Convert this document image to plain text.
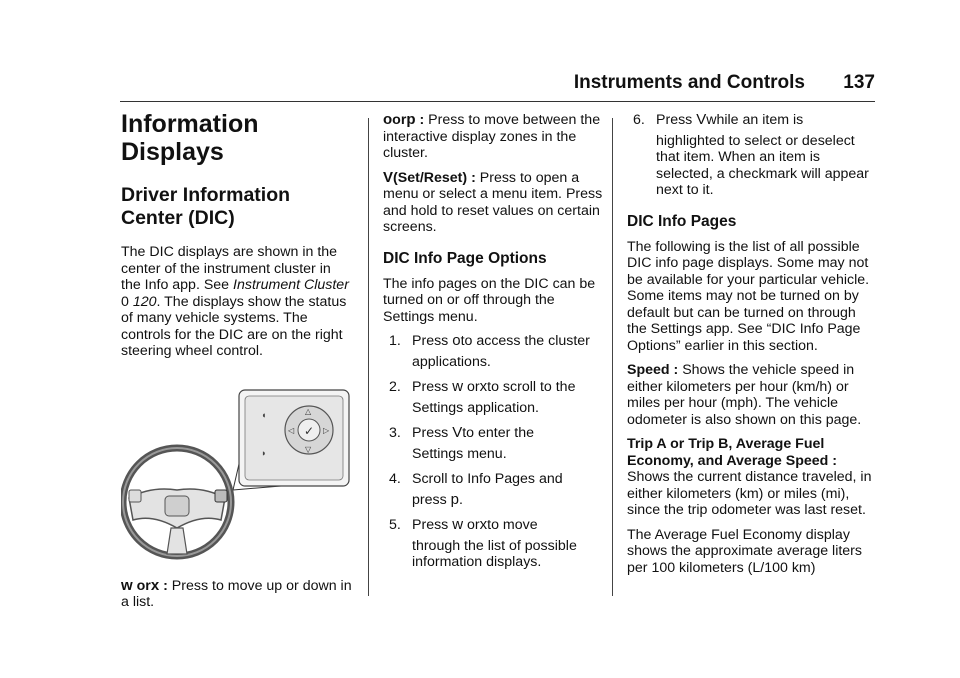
Instruments and Controls 137
Information Displays
Driver Information
Center (DIC)

The DIC displays are shown in the center of the instrument cluster in the Info app. See Instrument Cluster
0 120. The displays show the status of many vehicle systems. The controls for the DIC are on the right steering wheel control.

✓
△
▽
◁	▷
◖
◗

w orx : Press to move up or down in a list.

oorp : Press to move between the interactive display zones in the cluster.

V(Set/Reset) : Press to open a menu or select a menu item. Press and hold to reset values on certain screens.

DIC Info Page Options

The info pages on the DIC can be turned on or off through the Settings menu.

1. Press oto access the cluster
applications.
2. Press w orxto scroll to the
Settings application.
3. Press Vto enter the
Settings menu.
4. Scroll to Info Pages and
press p.
5. Press w orxto move
through the list of possible information displays.
6. Press Vwhile an item is
highlighted to select or deselect that item. When an item is selected, a checkmark will appear next to it.
DIC Info Pages

The following is the list of all possible DIC info page displays. Some may not be available for your particular vehicle. Some items may not be turned on by default but can be turned on through the Settings app. See “DIC Info Page Options” earlier in this section.

Speed : Shows the vehicle speed in either kilometers per hour (km/h) or miles per hour (mph). The vehicle odometer is also shown on this page.

Trip A or Trip B, Average Fuel Economy, and Average Speed : Shows the current distance traveled, in either kilometers (km) or miles (mi), since the trip odometer was last reset.

The Average Fuel Economy display shows the approximate average liters per 100 kilometers (L/100 km)
